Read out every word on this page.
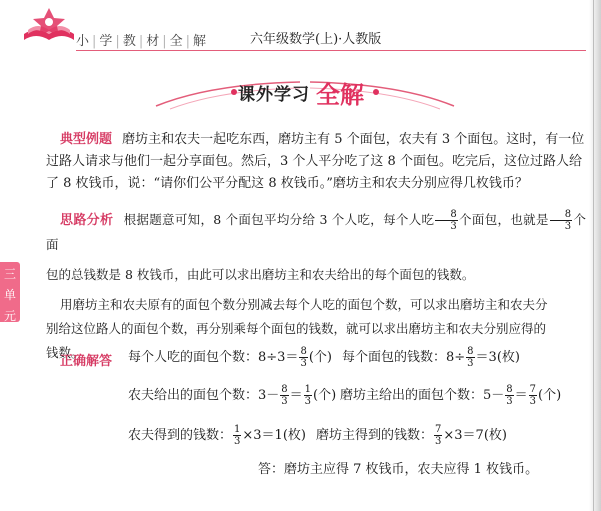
小 | 学 | 教 | 材 | 全 | 解	六年级数学(上)·人教版
课外学习 全解
三
单
元
典型例题 磨坊主和农夫一起吃东西，磨坊主有 5 个面包，农夫有 3 个面包。这时，有一位
过路人请求与他们一起分享面包。然后，3 个人平分吃了这 8 个面包。吃完后，这位过路人给
了 8 枚钱币，说：“请你们公平分配这 8 枚钱币。”磨坊主和农夫分别应得几枚钱币？
思路分析 根据题意可知，8 个面包平均分给 3 个人吃，每个人吃 $\frac{8}{3}$ 个面包，也就是 $\frac{8}{3}$ 个面
包的总钱数是 8 枚钱币，由此可以求出磨坊主和农夫给出的每个面包的钱数。
用磨坊主和农夫原有的面包个数分别减去每个人吃的面包个数，可以求出磨坊主和农夫分
别给这位路人的面包个数，再分别乘每个面包的钱数，就可以求出磨坊主和农夫分别应得的
钱数。
正确解答 每个人吃的面包个数：$8\div 3= \frac{8}{3}$ (个) 每个面包的钱数：$8\div \frac{8}{3} =3$(枚)
农夫给出的面包个数：$3- \frac{8}{3} = \frac{1}{3}$ (个) 磨坊主给出的面包个数：$5- \frac{8}{3} = \frac{7}{3}$ (个)
农夫得到的钱数： $\frac{1}{3} \times 3=1$(枚) 磨坊主得到的钱数： $\frac{7}{3} \times 3=7$(枚)
答：磨坊主应得 7 枚钱币，农夫应得 1 枚钱币。
